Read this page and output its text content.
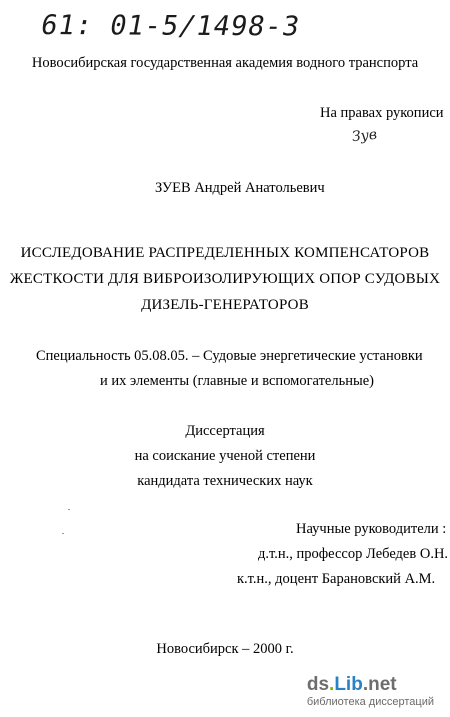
61: 01-5/1498-3
Новосибирская государственная академия водного транспорта
На правах рукописи
Зув
ЗУЕВ Андрей Анатольевич
ИССЛЕДОВАНИЕ РАСПРЕДЕЛЕННЫХ КОМПЕНСАТОРОВ
ЖЕСТКОСТИ ДЛЯ ВИБРОИЗОЛИРУЮЩИХ ОПОР СУДОВЫХ
ДИЗЕЛЬ-ГЕНЕРАТОРОВ
Специальность 05.08.05. – Судовые энергетические установки
и их элементы (главные и вспомогательные)
Диссертация
на соискание ученой степени
кандидата технических наук
Научные руководители :
д.т.н., профессор Лебедев О.Н.
к.т.н., доцент Барановский А.М.
Новосибирск – 2000 г.
ds.Lib.net
библиотека диссертаций
